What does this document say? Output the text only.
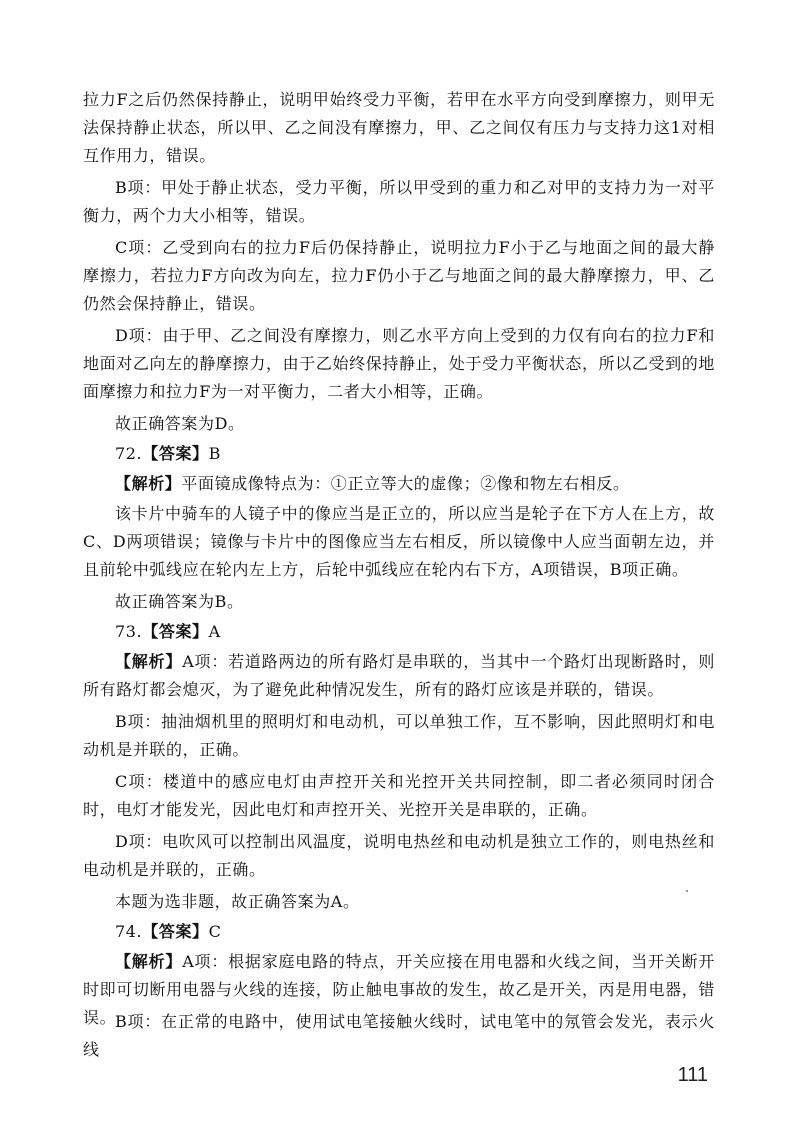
拉力F之后仍然保持静止，说明甲始终受力平衡，若甲在水平方向受到摩擦力，则甲无法保持静止状态，所以甲、乙之间没有摩擦力，甲、乙之间仅有压力与支持力这1对相互作用力，错误。

B项：甲处于静止状态，受力平衡，所以甲受到的重力和乙对甲的支持力为一对平衡力，两个力大小相等，错误。

C项：乙受到向右的拉力F后仍保持静止，说明拉力F小于乙与地面之间的最大静摩擦力，若拉力F方向改为向左，拉力F仍小于乙与地面之间的最大静摩擦力，甲、乙仍然会保持静止，错误。

D项：由于甲、乙之间没有摩擦力，则乙水平方向上受到的力仅有向右的拉力F和地面对乙向左的静摩擦力，由于乙始终保持静止，处于受力平衡状态，所以乙受到的地面摩擦力和拉力F为一对平衡力，二者大小相等，正确。

故正确答案为D。

72.【答案】B

【解析】平面镜成像特点为：①正立等大的虚像；②像和物左右相反。

该卡片中骑车的人镜子中的像应当是正立的，所以应当是轮子在下方人在上方，故C、D两项错误；镜像与卡片中的图像应当左右相反，所以镜像中人应当面朝左边，并且前轮中弧线应在轮内左上方，后轮中弧线应在轮内右下方，A项错误，B项正确。

故正确答案为B。

73.【答案】A

【解析】A项：若道路两边的所有路灯是串联的，当其中一个路灯出现断路时，则所有路灯都会熄灭，为了避免此种情况发生，所有的路灯应该是并联的，错误。

B项：抽油烟机里的照明灯和电动机，可以单独工作，互不影响，因此照明灯和电动机是并联的，正确。

C项：楼道中的感应电灯由声控开关和光控开关共同控制，即二者必须同时闭合时，电灯才能发光，因此电灯和声控开关、光控开关是串联的，正确。

D项：电吹风可以控制出风温度，说明电热丝和电动机是独立工作的，则电热丝和电动机是并联的，正确。

本题为选非题，故正确答案为A。

74.【答案】C

【解析】A项：根据家庭电路的特点，开关应接在用电器和火线之间，当开关断开时即可切断用电器与火线的连接，防止触电事故的发生，故乙是开关，丙是用电器，错误。

B项：在正常的电路中，使用试电笔接触火线时，试电笔中的氖管会发光，表示火线

111
